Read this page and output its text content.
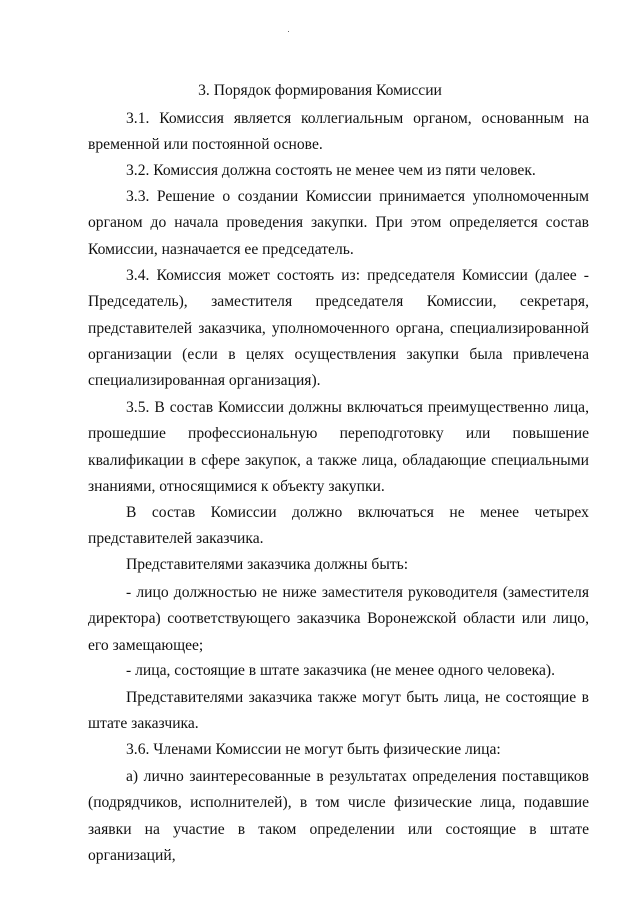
3. Порядок формирования Комиссии

3.1. Комиссия является коллегиальным органом, основанным на временной или постоянной основе.

3.2. Комиссия должна состоять не менее чем из пяти человек.

3.3. Решение о создании Комиссии принимается уполномоченным органом до начала проведения закупки. При этом определяется состав Комиссии, назначается ее председатель.

3.4. Комиссия может состоять из: председателя Комиссии (далее - Председатель), заместителя председателя Комиссии, секретаря, представителей заказчика, уполномоченного органа, специализированной организации (если в целях осуществления закупки была привлечена специализированная организация).

3.5. В состав Комиссии должны включаться преимущественно лица, прошедшие профессиональную переподготовку или повышение квалификации в сфере закупок, а также лица, обладающие специальными знаниями, относящимися к объекту закупки.

В состав Комиссии должно включаться не менее четырех
представителей заказчика.
Представителями заказчика должны быть:

- лицо должностью не ниже заместителя руководителя (заместителя директора) соответствующего заказчика Воронежской области или лицо, его замещающее;

- лица, состоящие в штате заказчика (не менее одного человека).

Представителями заказчика также могут быть лица, не состоящие в штате заказчика.

3.6. Членами Комиссии не могут быть физические лица:

а) лично заинтересованные в результатах определения поставщиков (подрядчиков, исполнителей), в том числе физические лица, подавшие заявки на участие в таком определении или состоящие в штате организаций,
